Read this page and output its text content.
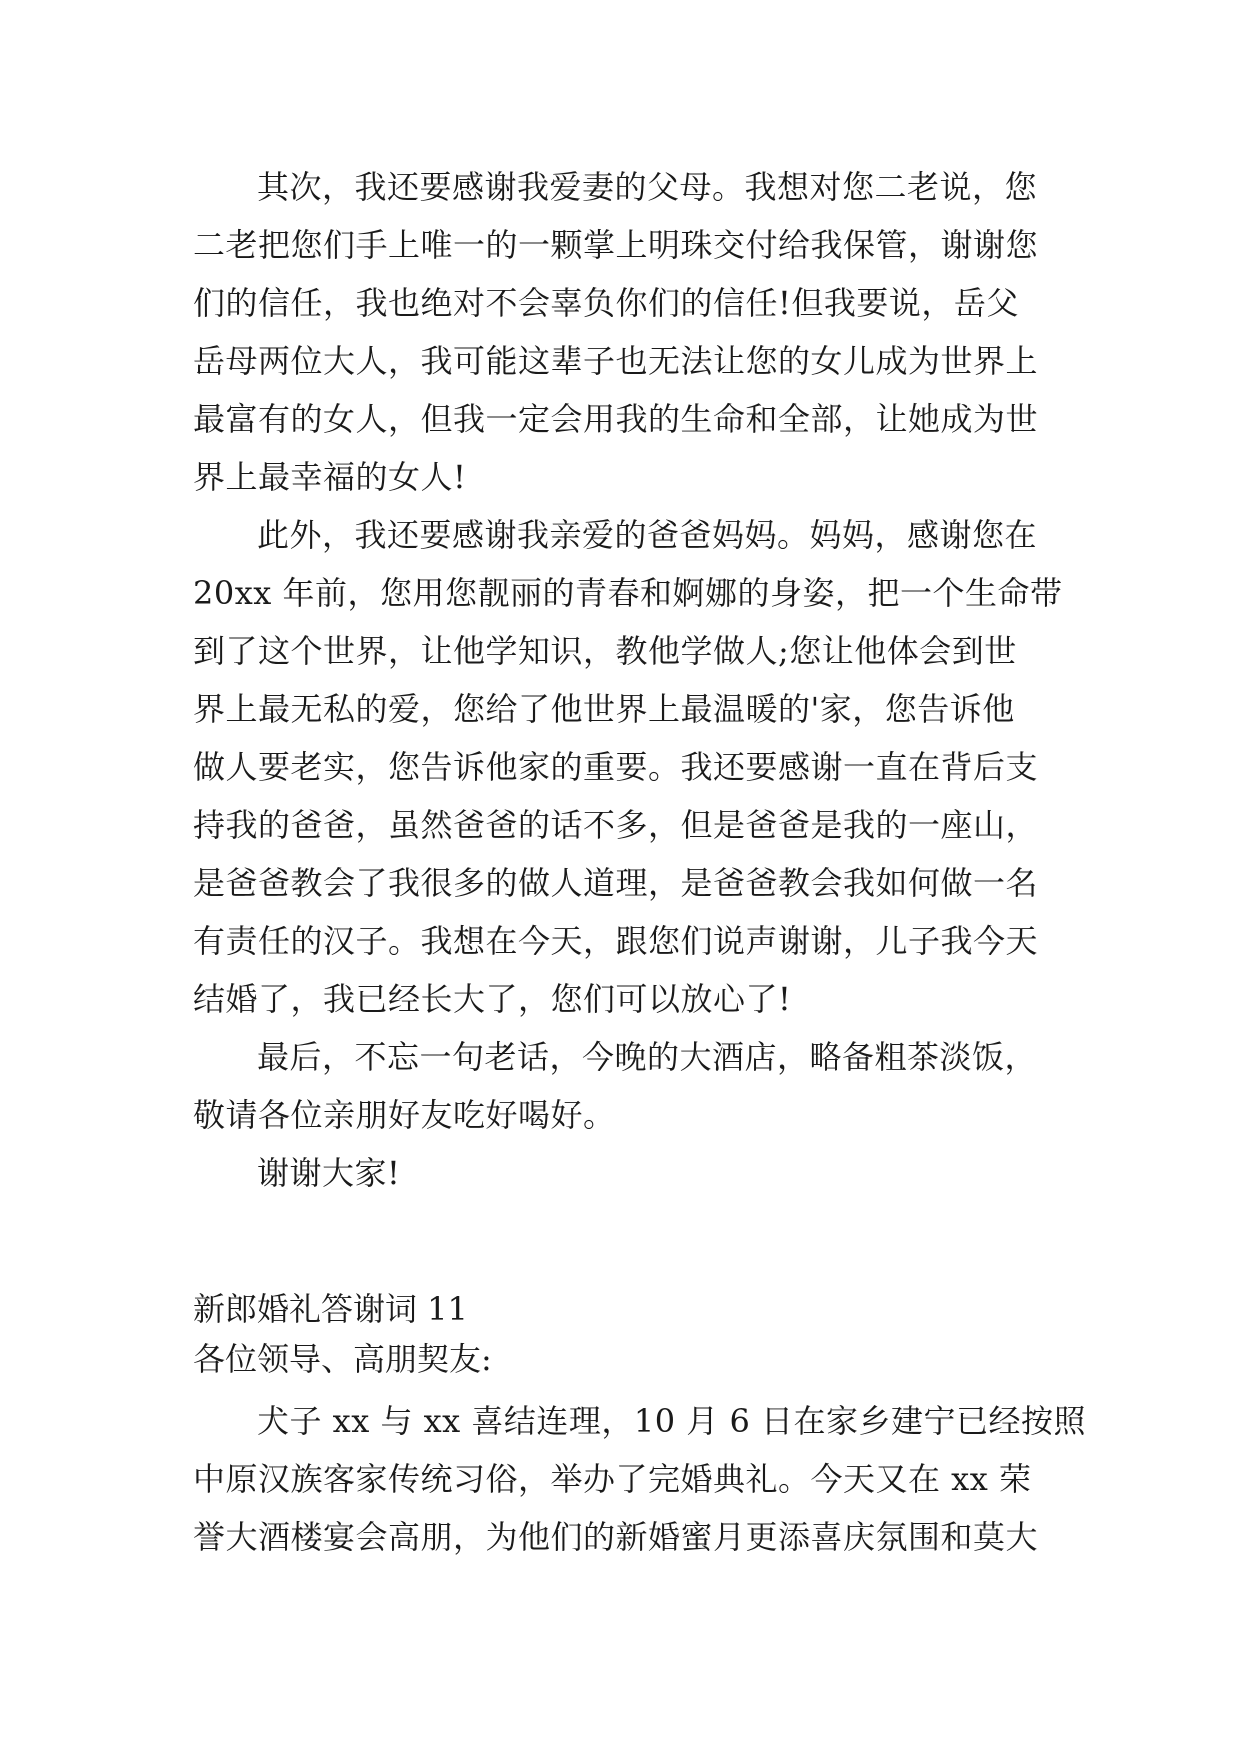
其次，我还要感谢我爱妻的父母。我想对您二老说，您
二老把您们手上唯一的一颗掌上明珠交付给我保管，谢谢您
们的信任，我也绝对不会辜负你们的信任!但我要说，岳父
岳母两位大人，我可能这辈子也无法让您的女儿成为世界上
最富有的女人，但我一定会用我的生命和全部，让她成为世
界上最幸福的女人!
此外，我还要感谢我亲爱的爸爸妈妈。妈妈，感谢您在
20xx 年前，您用您靓丽的青春和婀娜的身姿，把一个生命带
到了这个世界，让他学知识，教他学做人;您让他体会到世
界上最无私的爱，您给了他世界上最温暖的'家，您告诉他
做人要老实，您告诉他家的重要。我还要感谢一直在背后支
持我的爸爸，虽然爸爸的话不多，但是爸爸是我的一座山，
是爸爸教会了我很多的做人道理，是爸爸教会我如何做一名
有责任的汉子。我想在今天，跟您们说声谢谢，儿子我今天
结婚了，我已经长大了，您们可以放心了!
最后，不忘一句老话，今晚的大酒店，略备粗茶淡饭，
敬请各位亲朋好友吃好喝好。
谢谢大家!
新郎婚礼答谢词 11
各位领导、高朋契友:
犬子 xx 与 xx 喜结连理，10 月 6 日在家乡建宁已经按照
中原汉族客家传统习俗，举办了完婚典礼。今天又在 xx 荣
誉大酒楼宴会高朋，为他们的新婚蜜月更添喜庆氛围和莫大
